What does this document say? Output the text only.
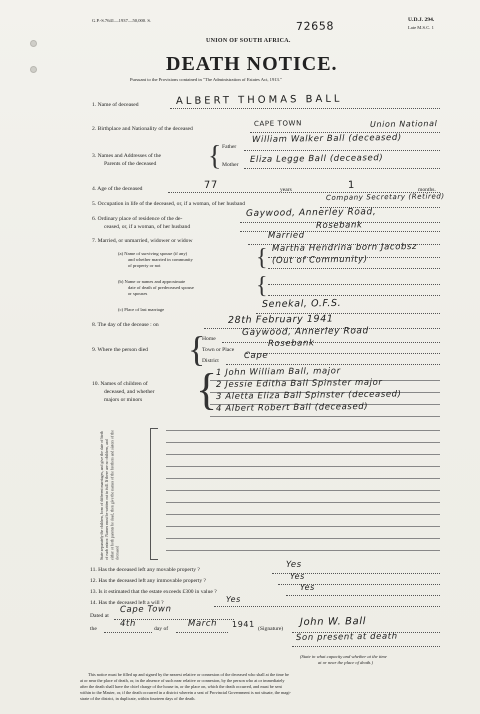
G.P.-S.7641—1937—50,000. S.	U.D.J. 294.
Late M.S.C. 1
72658
UNION OF SOUTH AFRICA.
DEATH NOTICE.
Pursuant to the Provisions contained in "The Administration of Estates Act, 1913."
1. Name of deceased	ALBERT THOMAS BALL
2. Birthplace and Nationality of the deceased
CAPE TOWN	Union National
3. Names and Addresses of the
Parents of the deceased { Father
William Walker Ball (deceased)
Mother
Eliza Legge Ball (deceased)
4. Age of the deceased	77	years	1	months.
5. Occupation in life of the deceased, or, if a woman, of her husband
Company Secretary (Retired)
6. Ordinary place of residence of the de-
ceased, or, if a woman, of her husband
Gaywood, Annerley Road,
Rosebank
7. Married, or unmarried, widower or widow
Married
(a) Name of surviving spouse (if any)
and whether married in community
of property or not	{ Martha Hendrina born Jacobsz
(Out of Community)
(b) Name or names and approximate
date of death of predeceased spouse
or spouses	{
(c) Place of last marriage	Senekal, O.F.S.
8. The day of the decease : on	28th February 1941
9. Where the person died {
Home
Gaywood, Annerley Road
Town or Place
Rosebank
District
Cape
10. Names of children of
deceased, and whether
majors or minors {
1 John William Ball, major
2 Jessie Editha Ball Spinster major
3 Aletta Eliza Ball Spinster (deceased)
4 Albert Robert Ball (deceased)
State separately the children, born of different marriages, and give the date of birth of each minor. Names must be written out in full. If there are no children, and either or both parents be dead, then give the names of the brothers and sisters of the deceased
11. Has the deceased left any movable property ?
Yes
12. Has the deceased left any immovable property ?
Yes
13. Is it estimated that the estate exceeds £300 in value ?
Yes
14. Has the deceased left a will ?	Yes
Dated at
Cape Town
the
4th
day of
March 1941
(Signature)
John W. Ball
Son present at death
(State in what capacity and whether at the time
at or near the place of death.)
This notice must be filled up and signed by the nearest relative or connexion of the deceased who shall at the time be
at or near the place of death, or, in the absence of such near relative or connexion, by the person who at or immediately
after the death shall have the chief charge of the house in, or the place on, which the death occurred, and must be sent
within to the Master, or, if the death occurred in a district wherein a seat of Provincial Government is not situate, the magi-
strate of the district, in duplicate, within fourteen days of the death.
